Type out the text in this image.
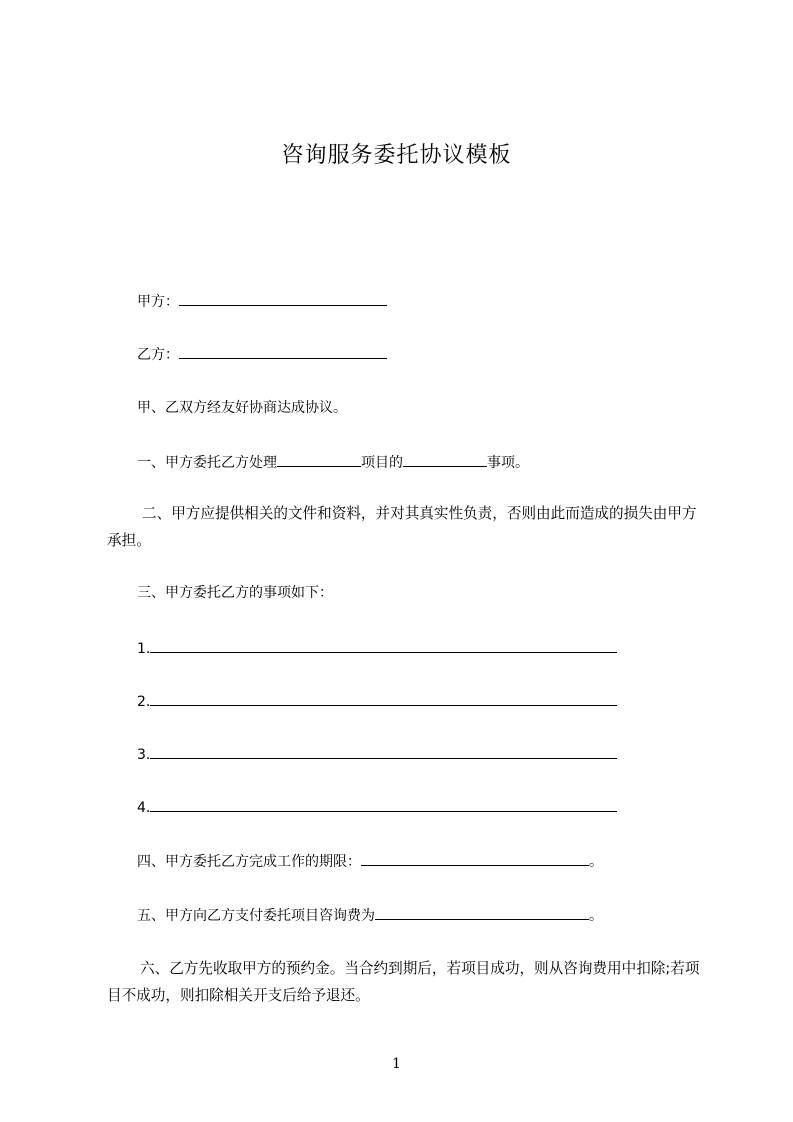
咨询服务委托协议模板
甲方：
乙方：
甲、乙双方经友好协商达成协议。
一、甲方委托乙方处理	项目的	事项。
二、甲方应提供相关的文件和资料，并对其真实性负责，否则由此而造成的损失由甲方承担。
三、甲方委托乙方的事项如下：
1.
2.
3.
4.
四、甲方委托乙方完成工作的期限：	。
五、甲方向乙方支付委托项目咨询费为	。
六、乙方先收取甲方的预约金。当合约到期后，若项目成功，则从咨询费用中扣除;若项目不成功，则扣除相关开支后给予退还。
1
